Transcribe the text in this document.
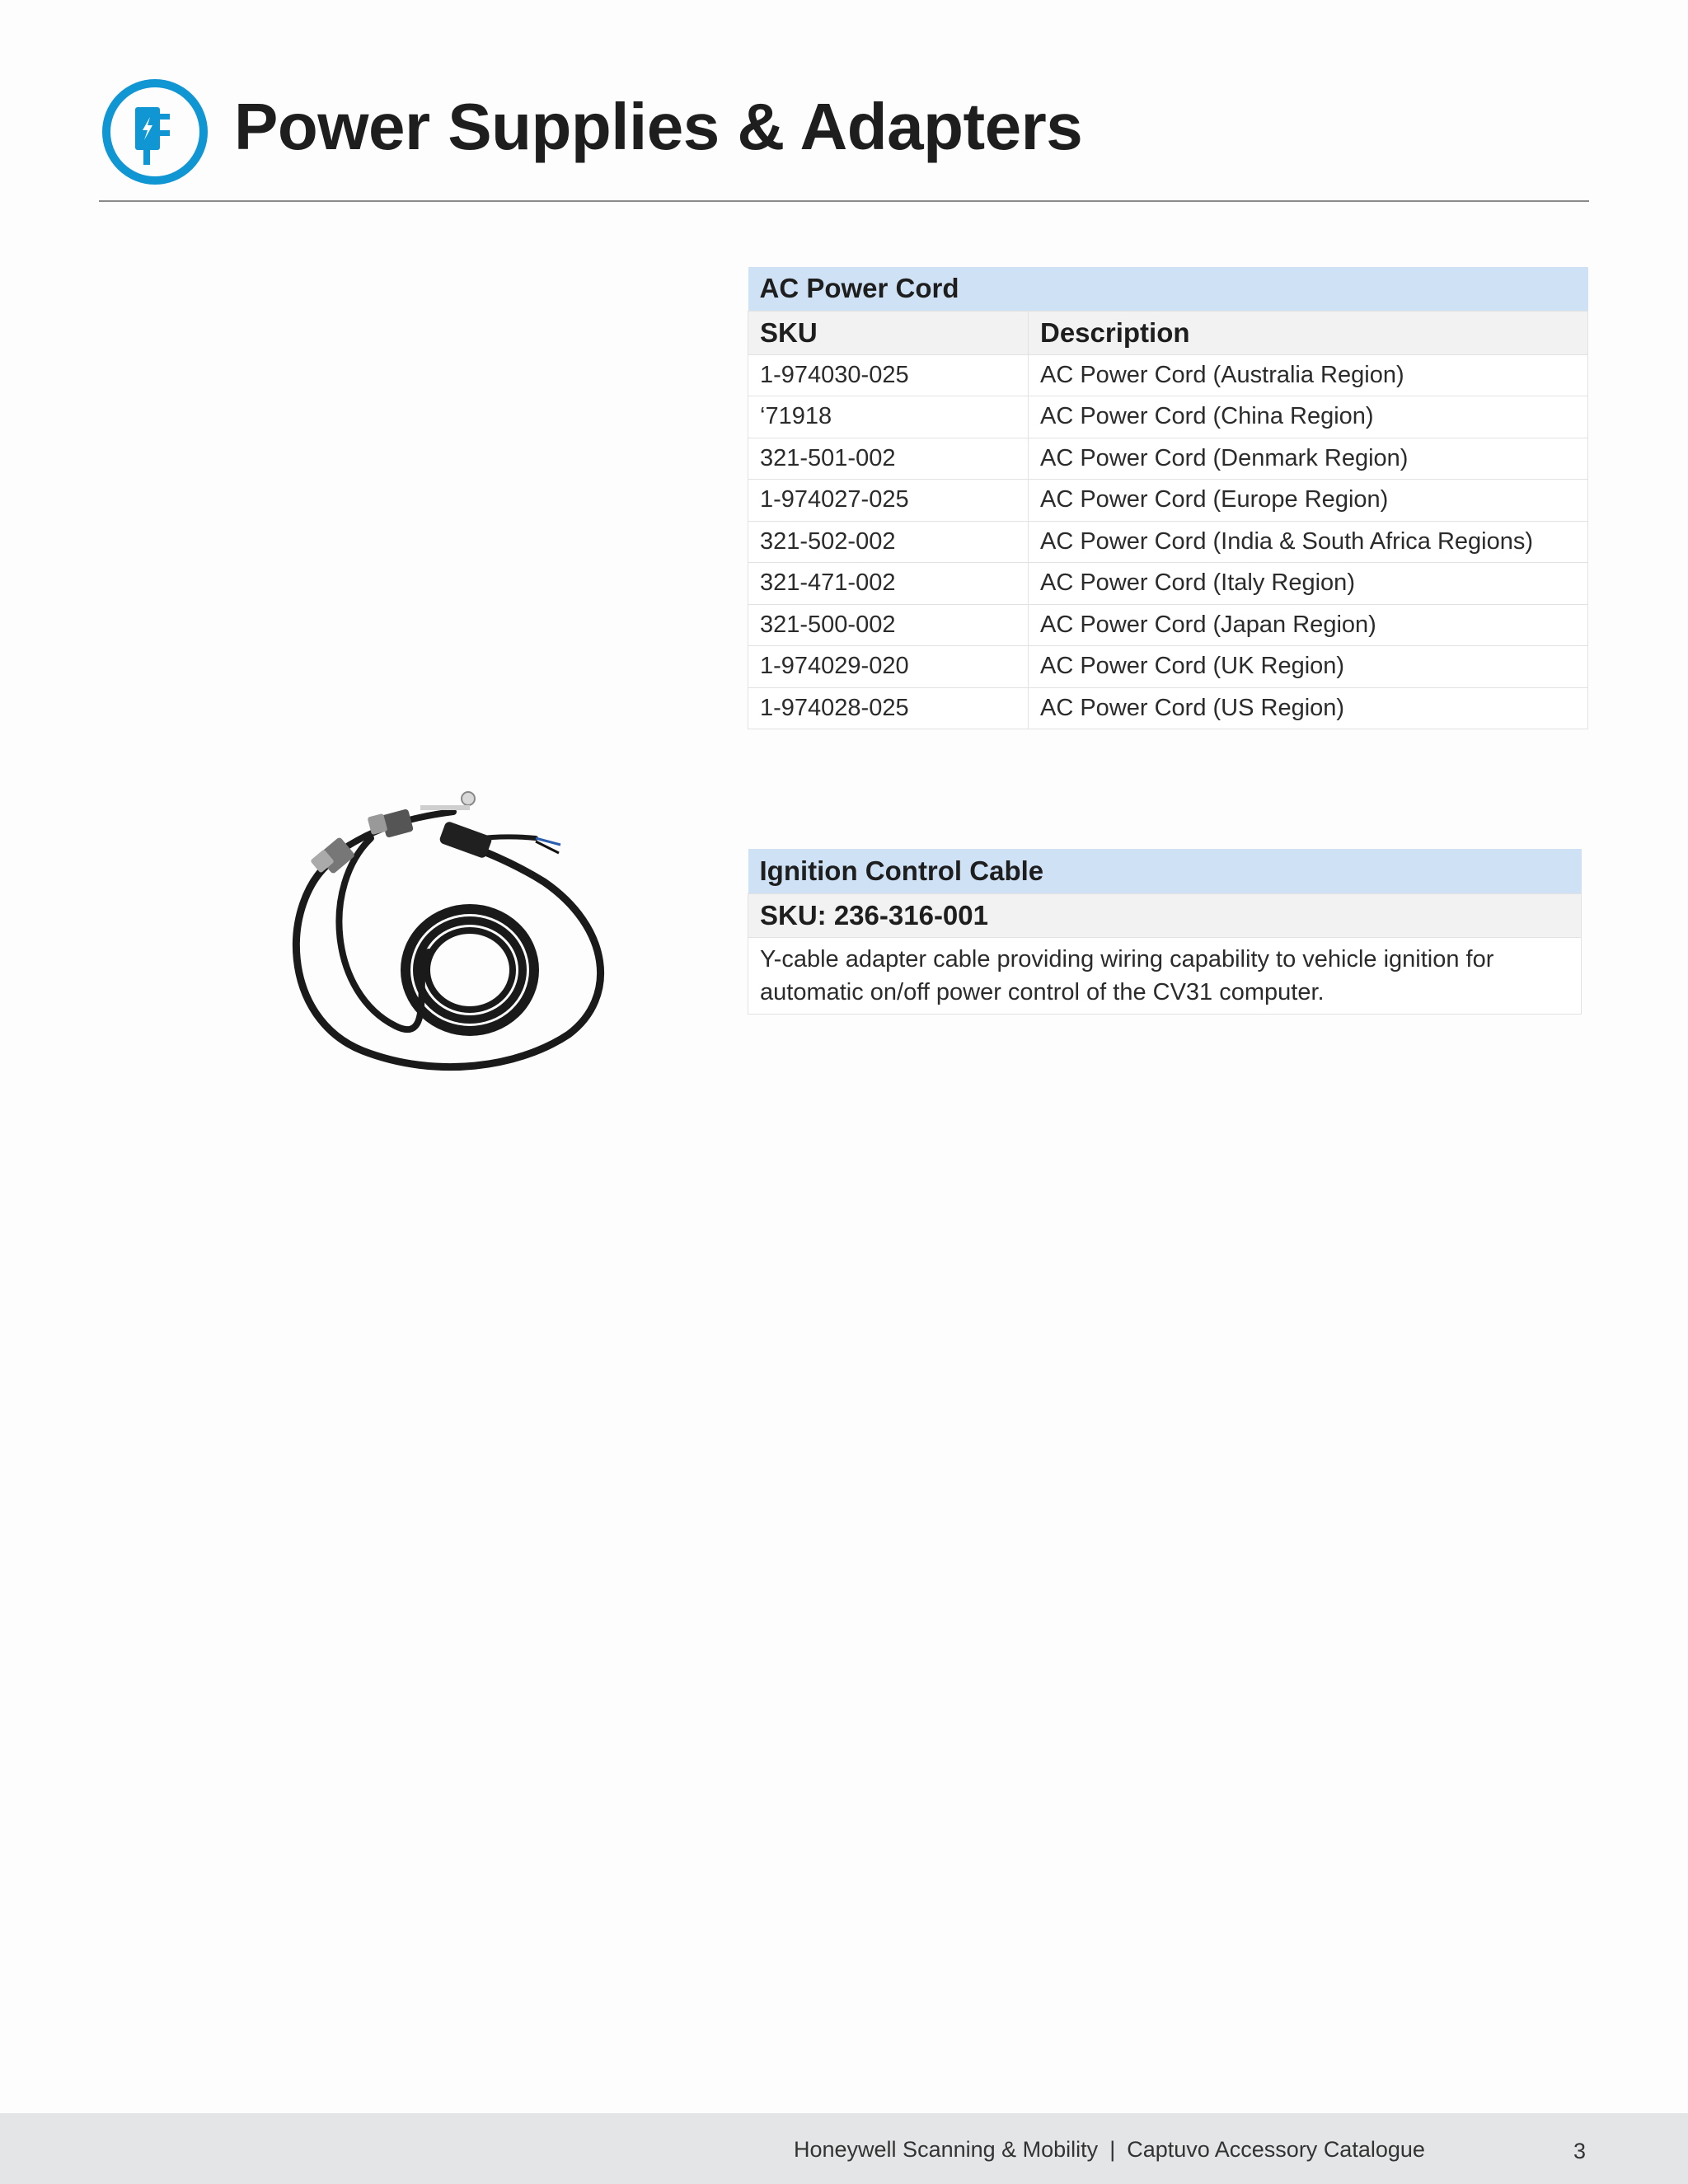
Power Supplies & Adapters
AC Power Cord	
SKU	Description
1-974030-025	AC Power Cord (Australia Region)
‘71918	AC Power Cord (China Region)
321-501-002	AC Power Cord (Denmark Region)
1-974027-025	AC Power Cord (Europe Region)
321-502-002	AC Power Cord (India & South Africa Regions)
321-471-002	AC Power Cord (Italy Region)
321-500-002	AC Power Cord (Japan Region)
1-974029-020	AC Power Cord (UK Region)
1-974028-025	AC Power Cord (US Region)
Ignition Control Cable
SKU: 236-316-001
Y-cable adapter cable providing wiring capability to vehicle ignition for automatic on/off power control of the CV31 computer.
Honeywell Scanning & Mobility | Captuvo Accessory Catalogue	3
